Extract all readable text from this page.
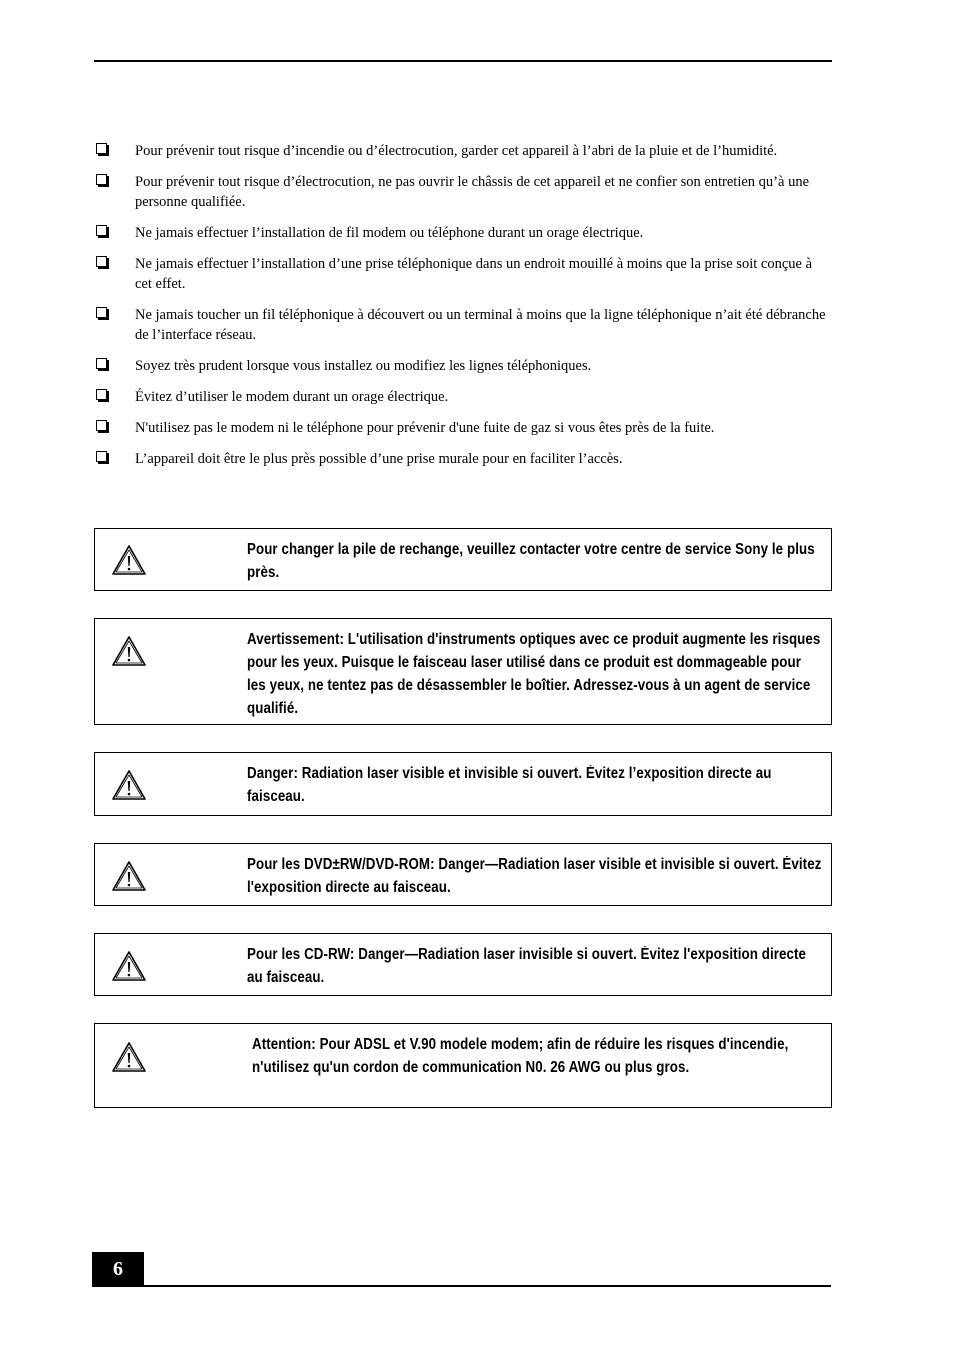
Pour prévenir tout risque d’incendie ou d’électrocution, garder cet appareil à l’abri de la pluie et de l’humidité.
Pour prévenir tout risque d’électrocution, ne pas ouvrir le châssis de cet appareil et ne confier son entretien qu’à une personne qualifiée.
Ne jamais effectuer l’installation de fil modem ou téléphone durant un orage électrique.
Ne jamais effectuer l’installation d’une prise téléphonique dans un endroit mouillé à moins que la prise soit conçue à cet effet.
Ne jamais toucher un fil téléphonique à découvert ou un terminal à moins que la ligne téléphonique n’ait été débranche de l’interface réseau.
Soyez très prudent lorsque vous installez ou modifiez les lignes téléphoniques.
Évitez d’utiliser le modem durant un orage électrique.
N'utilisez pas le modem ni le téléphone pour prévenir d'une fuite de gaz si vous êtes près de la fuite.
L’appareil doit être le plus près possible d’une prise murale pour en faciliter l’accès.
Pour changer la pile de rechange, veuillez contacter votre centre de service Sony le plus près.
Avertissement: L'utilisation d'instruments optiques avec ce produit augmente les risques pour les yeux. Puisque le faisceau laser utilisé dans ce produit est dommageable pour les yeux, ne tentez pas de désassembler le boîtier. Adressez-vous à un agent de service qualifié.
Danger: Radiation laser visible et invisible si ouvert. Évitez l’exposition directe au faisceau.
Pour les DVD±RW/DVD-ROM: Danger—Radiation laser visible et invisible si ouvert. Évitez l'exposition directe au faisceau.
Pour les CD-RW: Danger—Radiation laser invisible si ouvert. Évitez l'exposition directe au faisceau.
Attention: Pour ADSL et V.90 modele modem; afin de réduire les risques d'incendie, n'utilisez qu'un cordon de communication N0. 26 AWG ou plus gros.
6
